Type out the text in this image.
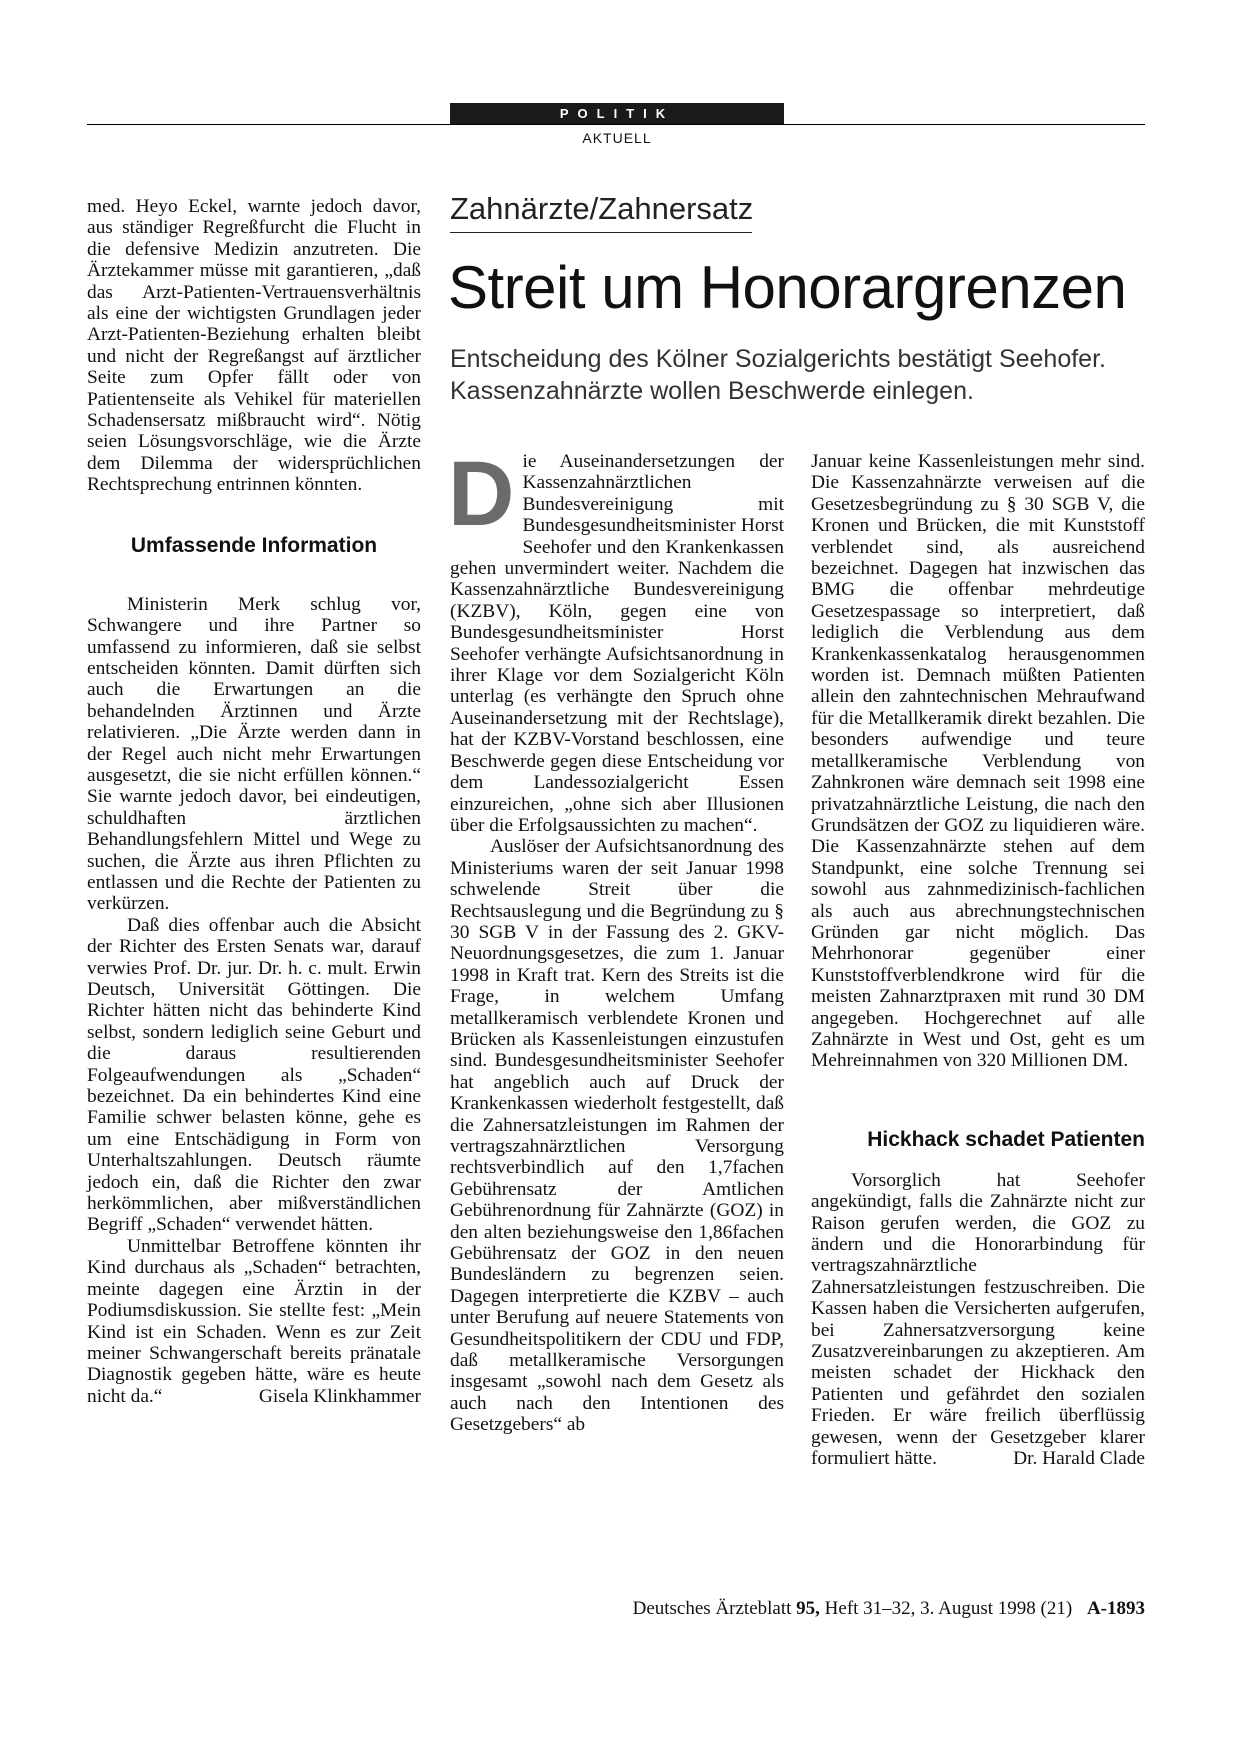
POLITIK
AKTUELL

med. Heyo Eckel, warnte jedoch davor, aus ständiger Regreßfurcht die Flucht in die defensive Medizin anzutreten. Die Ärztekammer müsse mit garantieren, „daß das Arzt-Patienten-Vertrauensverhältnis als eine der wichtigsten Grundlagen jeder Arzt-Patienten-Beziehung erhalten bleibt und nicht der Regreßangst auf ärztlicher Seite zum Opfer fällt oder von Patientenseite als Vehikel für materiellen Schadensersatz mißbraucht wird“. Nötig seien Lösungsvorschläge, wie die Ärzte dem Dilemma der widersprüchlichen Rechtsprechung entrinnen könnten.

Umfassende Information

Ministerin Merk schlug vor, Schwangere und ihre Partner so umfassend zu informieren, daß sie selbst entscheiden könnten. Damit dürften sich auch die Erwartungen an die behandelnden Ärztinnen und Ärzte relativieren. „Die Ärzte werden dann in der Regel auch nicht mehr Erwartungen ausgesetzt, die sie nicht erfüllen können.“ Sie warnte jedoch davor, bei eindeutigen, schuldhaften ärztlichen Behandlungsfehlern Mittel und Wege zu suchen, die Ärzte aus ihren Pflichten zu entlassen und die Rechte der Patienten zu verkürzen.

Daß dies offenbar auch die Absicht der Richter des Ersten Senats war, darauf verwies Prof. Dr. jur. Dr. h. c. mult. Erwin Deutsch, Universität Göttingen. Die Richter hätten nicht das behinderte Kind selbst, sondern lediglich seine Geburt und die daraus resultierenden Folgeaufwendungen als „Schaden“ bezeichnet. Da ein behindertes Kind eine Familie schwer belasten könne, gehe es um eine Entschädigung in Form von Unterhaltszahlungen. Deutsch räumte jedoch ein, daß die Richter den zwar herkömmlichen, aber mißverständlichen Begriff „Schaden“ verwendet hätten.

Unmittelbar Betroffene könnten ihr Kind durchaus als „Schaden“ betrachten, meinte dagegen eine Ärztin in der Podiumsdiskussion. Sie stellte fest: „Mein Kind ist ein Schaden. Wenn es zur Zeit meiner Schwangerschaft bereits pränatale Diagnostik gegeben hätte, wäre es heute nicht da.“	Gisela Klinkhammer

Zahnärzte/Zahnersatz
Streit um Honorargrenzen
Entscheidung des Kölner Sozialgerichts bestätigt Seehofer.
Kassenzahnärzte wollen Beschwerde einlegen.

Die Auseinandersetzungen der Kassenzahnärztlichen Bundesvereinigung mit Bundesgesundheitsminister Horst Seehofer und den Krankenkassen gehen unvermindert weiter. Nachdem die Kassenzahnärztliche Bundesvereinigung (KZBV), Köln, gegen eine von Bundesgesundheitsminister Horst Seehofer verhängte Aufsichtsanordnung in ihrer Klage vor dem Sozialgericht Köln unterlag (es verhängte den Spruch ohne Auseinandersetzung mit der Rechtslage), hat der KZBV-Vorstand beschlossen, eine Beschwerde gegen diese Entscheidung vor dem Landessozialgericht Essen einzureichen, „ohne sich aber Illusionen über die Erfolgsaussichten zu machen“.

Auslöser der Aufsichtsanordnung des Ministeriums waren der seit Januar 1998 schwelende Streit über die Rechtsauslegung und die Begründung zu § 30 SGB V in der Fassung des 2. GKV-Neuordnungsgesetzes, die zum 1. Januar 1998 in Kraft trat. Kern des Streits ist die Frage, in welchem Umfang metallkeramisch verblendete Kronen und Brücken als Kassenleistungen einzustufen sind. Bundesgesundheitsminister Seehofer hat angeblich auch auf Druck der Krankenkassen wiederholt festgestellt, daß die Zahnersatzleistungen im Rahmen der vertragszahnärztlichen Versorgung rechtsverbindlich auf den 1,7fachen Gebührensatz der Amtlichen Gebührenordnung für Zahnärzte (GOZ) in den alten beziehungsweise den 1,86fachen Gebührensatz der GOZ in den neuen Bundesländern zu begrenzen seien. Dagegen interpretierte die KZBV – auch unter Berufung auf neuere Statements von Gesundheitspolitikern der CDU und FDP, daß metallkeramische Versorgungen insgesamt „sowohl nach dem Gesetz als auch nach den Intentionen des Gesetzgebers“ ab

Januar keine Kassenleistungen mehr sind. Die Kassenzahnärzte verweisen auf die Gesetzesbegründung zu § 30 SGB V, die Kronen und Brücken, die mit Kunststoff verblendet sind, als ausreichend bezeichnet. Dagegen hat inzwischen das BMG die offenbar mehrdeutige Gesetzespassage so interpretiert, daß lediglich die Verblendung aus dem Krankenkassenkatalog herausgenommen worden ist. Demnach müßten Patienten allein den zahntechnischen Mehraufwand für die Metallkeramik direkt bezahlen. Die besonders aufwendige und teure metallkeramische Verblendung von Zahnkronen wäre demnach seit 1998 eine privatzahnärztliche Leistung, die nach den Grundsätzen der GOZ zu liquidieren wäre. Die Kassenzahnärzte stehen auf dem Standpunkt, eine solche Trennung sei sowohl aus zahnmedizinisch-fachlichen als auch aus abrechnungstechnischen Gründen gar nicht möglich. Das Mehrhonorar gegenüber einer Kunststoffverblendkrone wird für die meisten Zahnarztpraxen mit rund 30 DM angegeben. Hochgerechnet auf alle Zahnärzte in West und Ost, geht es um Mehreinnahmen von 320 Millionen DM.

Hickhack schadet Patienten

Vorsorglich hat Seehofer angekündigt, falls die Zahnärzte nicht zur Raison gerufen werden, die GOZ zu ändern und die Honorarbindung für vertragszahnärztliche Zahnersatzleistungen festzuschreiben. Die Kassen haben die Versicherten aufgerufen, bei Zahnersatzversorgung keine Zusatzvereinbarungen zu akzeptieren. Am meisten schadet der Hickhack den Patienten und gefährdet den sozialen Frieden. Er wäre freilich überflüssig gewesen, wenn der Gesetzgeber klarer formuliert hätte.	Dr. Harald Clade

Deutsches Ärzteblatt 95, Heft 31–32, 3. August 1998 (21) A-1893
